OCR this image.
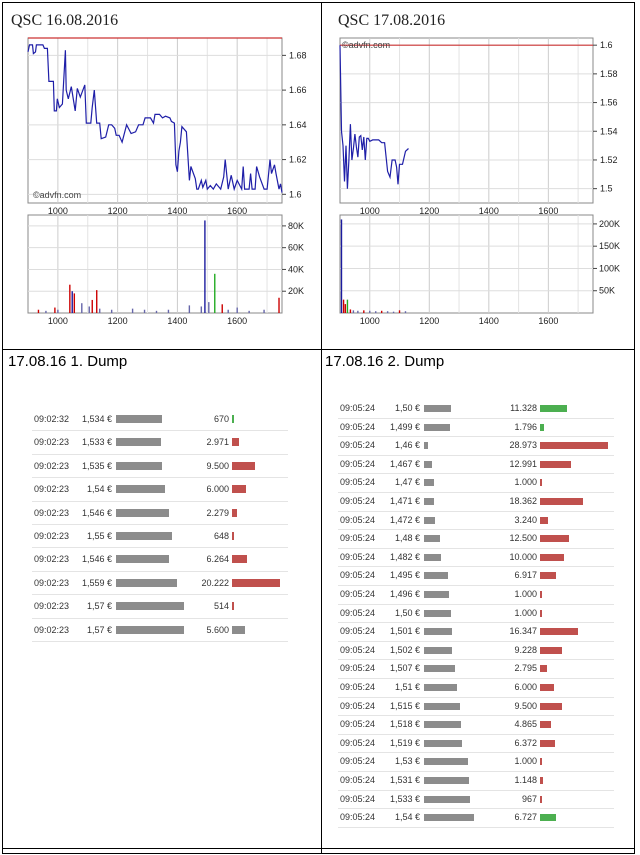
QSC 16.08.2016
1000
1000
1200
1200
1400
1400
1600
1600
1.68
1.66
1.64
1.62
1.6
80K
60K
40K
20K
©advfn.com
QSC 17.08.2016
1000
1000
1200
1200
1400
1400
1600
1600
1.6
1.58
1.56
1.54
1.52
1.5
200K
150K
100K
50K
©advfn.com
17.08.16 1. Dump	17.08.16 2. Dump
09:02:32 1,534 €	670
09:02:23 1,533 €	2.971
09:02:23 1,535 €	9.500
09:02:23 1,54 €	6.000
09:02:23 1,546 €	2.279
09:02:23 1,55 €	648
09:02:23 1,546 €	6.264
09:02:23 1,559 €	20.222
09:02:23 1,57 €	514
09:02:23 1,57 €	5.600
09:05:24 1,50 €	11.328
09:05:24 1,499 €	1.796
09:05:24 1,46 €	28.973
09:05:24 1,467 €	12.991
09:05:24 1,47 €	1.000
09:05:24 1,471 €	18.362
09:05:24 1,472 €	3.240
09:05:24 1,48 €	12.500
09:05:24 1,482 €	10.000
09:05:24 1,495 €	6.917
09:05:24 1,496 €	1.000
09:05:24 1,50 €	1.000
09:05:24 1,501 €	16.347
09:05:24 1,502 €	9.228
09:05:24 1,507 €	2.795
09:05:24 1,51 €	6.000
09:05:24 1,515 €	9.500
09:05:24 1,518 €	4.865
09:05:24 1,519 €	6.372
09:05:24 1,53 €	1.000
09:05:24 1,531 €	1.148
09:05:24 1,533 €	967
09:05:24 1,54 €	6.727
